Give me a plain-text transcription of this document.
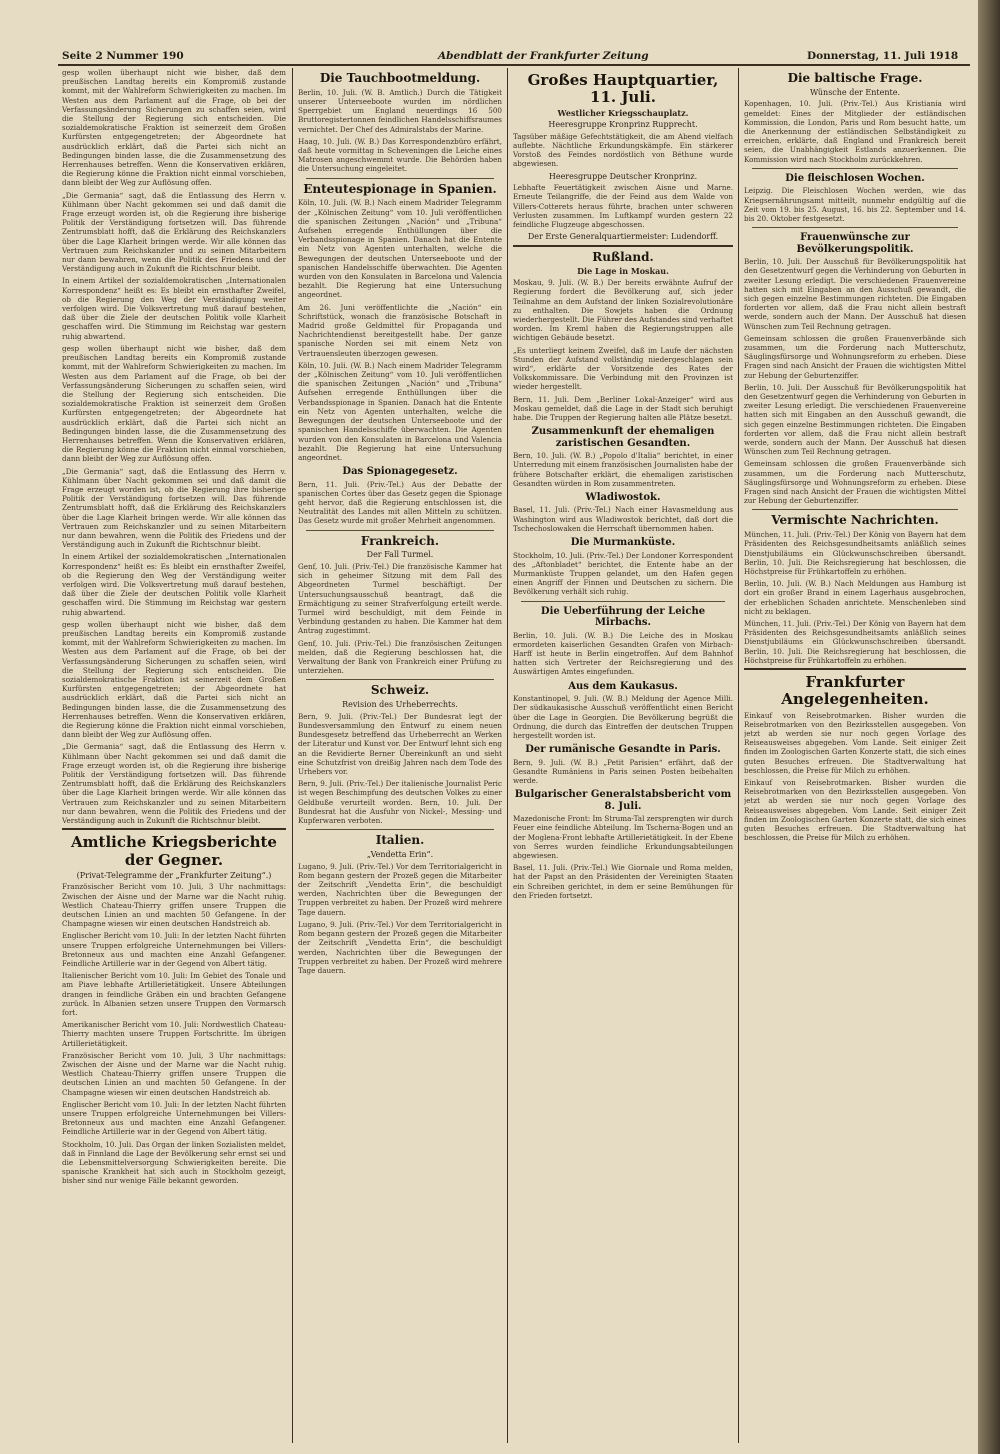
Seite 2 Nummer 190	Abendblatt der Frankfurter Zeitung	Donnerstag, 11. Juli 1918

gesp wollen überhaupt nicht wie bisher, daß dem preußischen Landtag bereits ein Kompromiß zustande kommt, mit der Wahlreform Schwierigkeiten zu machen. Im Westen aus dem Parlament auf die Frage, ob bei der Verfassungsänderung Sicherungen zu schaffen seien, wird die Stellung der Regierung sich entscheiden. Die sozialdemokratische Fraktion ist seinerzeit dem Großen Kurfürsten entgegengetreten; der Abgeordnete hat ausdrücklich erklärt, daß die Partei sich nicht an Bedingungen binden lasse, die die Zusammensetzung des Herrenhauses betreffen. Wenn die Konservativen erklären, die Regierung könne die Fraktion nicht einmal vorschieben, dann bleibt der Weg zur Auflösung offen.

„Die Germania“ sagt, daß die Entlassung des Herrn v. Kühlmann über Nacht gekommen sei und daß damit die Frage erzeugt worden ist, ob die Regierung ihre bisherige Politik der Verständigung fortsetzen will. Das führende Zentrumsblatt hofft, daß die Erklärung des Reichskanzlers über die Lage Klarheit bringen werde. Wir alle können das Vertrauen zum Reichskanzler und zu seinen Mitarbeitern nur dann bewahren, wenn die Politik des Friedens und der Verständigung auch in Zukunft die Richtschnur bleibt.

In einem Artikel der sozialdemokratischen „Internationalen Korrespondenz“ heißt es: Es bleibt ein ernsthafter Zweifel, ob die Regierung den Weg der Verständigung weiter verfolgen wird. Die Volksvertretung muß darauf bestehen, daß über die Ziele der deutschen Politik volle Klarheit geschaffen wird. Die Stimmung im Reichstag war gestern ruhig abwartend.

gesp wollen überhaupt nicht wie bisher, daß dem preußischen Landtag bereits ein Kompromiß zustande kommt, mit der Wahlreform Schwierigkeiten zu machen. Im Westen aus dem Parlament auf die Frage, ob bei der Verfassungsänderung Sicherungen zu schaffen seien, wird die Stellung der Regierung sich entscheiden. Die sozialdemokratische Fraktion ist seinerzeit dem Großen Kurfürsten entgegengetreten; der Abgeordnete hat ausdrücklich erklärt, daß die Partei sich nicht an Bedingungen binden lasse, die die Zusammensetzung des Herrenhauses betreffen. Wenn die Konservativen erklären, die Regierung könne die Fraktion nicht einmal vorschieben, dann bleibt der Weg zur Auflösung offen.

„Die Germania“ sagt, daß die Entlassung des Herrn v. Kühlmann über Nacht gekommen sei und daß damit die Frage erzeugt worden ist, ob die Regierung ihre bisherige Politik der Verständigung fortsetzen will. Das führende Zentrumsblatt hofft, daß die Erklärung des Reichskanzlers über die Lage Klarheit bringen werde. Wir alle können das Vertrauen zum Reichskanzler und zu seinen Mitarbeitern nur dann bewahren, wenn die Politik des Friedens und der Verständigung auch in Zukunft die Richtschnur bleibt.

In einem Artikel der sozialdemokratischen „Internationalen Korrespondenz“ heißt es: Es bleibt ein ernsthafter Zweifel, ob die Regierung den Weg der Verständigung weiter verfolgen wird. Die Volksvertretung muß darauf bestehen, daß über die Ziele der deutschen Politik volle Klarheit geschaffen wird. Die Stimmung im Reichstag war gestern ruhig abwartend.

gesp wollen überhaupt nicht wie bisher, daß dem preußischen Landtag bereits ein Kompromiß zustande kommt, mit der Wahlreform Schwierigkeiten zu machen. Im Westen aus dem Parlament auf die Frage, ob bei der Verfassungsänderung Sicherungen zu schaffen seien, wird die Stellung der Regierung sich entscheiden. Die sozialdemokratische Fraktion ist seinerzeit dem Großen Kurfürsten entgegengetreten; der Abgeordnete hat ausdrücklich erklärt, daß die Partei sich nicht an Bedingungen binden lasse, die die Zusammensetzung des Herrenhauses betreffen. Wenn die Konservativen erklären, die Regierung könne die Fraktion nicht einmal vorschieben, dann bleibt der Weg zur Auflösung offen.

„Die Germania“ sagt, daß die Entlassung des Herrn v. Kühlmann über Nacht gekommen sei und daß damit die Frage erzeugt worden ist, ob die Regierung ihre bisherige Politik der Verständigung fortsetzen will. Das führende Zentrumsblatt hofft, daß die Erklärung des Reichskanzlers über die Lage Klarheit bringen werde. Wir alle können das Vertrauen zum Reichskanzler und zu seinen Mitarbeitern nur dann bewahren, wenn die Politik des Friedens und der Verständigung auch in Zukunft die Richtschnur bleibt.

Amtliche Kriegsberichte der Gegner.
(Privat-Telegramme der „Frankfurter Zeitung“.)

Französischer Bericht vom 10. Juli, 3 Uhr nachmittags: Zwischen der Aisne und der Marne war die Nacht ruhig. Westlich Chateau-Thierry griffen unsere Truppen die deutschen Linien an und machten 50 Gefangene. In der Champagne wiesen wir einen deutschen Handstreich ab.

Englischer Bericht vom 10. Juli: In der letzten Nacht führten unsere Truppen erfolgreiche Unternehmungen bei Villers-Bretonneux aus und machten eine Anzahl Gefangener. Feindliche Artillerie war in der Gegend von Albert tätig.

Italienischer Bericht vom 10. Juli: Im Gebiet des Tonale und am Piave lebhafte Artillerietätigkeit. Unsere Abteilungen drangen in feindliche Gräben ein und brachten Gefangene zurück. In Albanien setzen unsere Truppen den Vormarsch fort.

Amerikanischer Bericht vom 10. Juli: Nordwestlich Chateau-Thierry machten unsere Truppen Fortschritte. Im übrigen Artillerietätigkeit.

Französischer Bericht vom 10. Juli, 3 Uhr nachmittags: Zwischen der Aisne und der Marne war die Nacht ruhig. Westlich Chateau-Thierry griffen unsere Truppen die deutschen Linien an und machten 50 Gefangene. In der Champagne wiesen wir einen deutschen Handstreich ab.

Englischer Bericht vom 10. Juli: In der letzten Nacht führten unsere Truppen erfolgreiche Unternehmungen bei Villers-Bretonneux aus und machten eine Anzahl Gefangener. Feindliche Artillerie war in der Gegend von Albert tätig.

Stockholm, 10. Juli. Das Organ der linken Sozialisten meldet, daß in Finnland die Lage der Bevölkerung sehr ernst sei und die Lebensmittelversorgung Schwierigkeiten bereite. Die spanische Krankheit hat sich auch in Stockholm gezeigt, bisher sind nur wenige Fälle bekannt geworden.

Die Tauchbootmeldung.

Berlin, 10. Juli. (W. B. Amtlich.) Durch die Tätigkeit unserer Unterseeboote wurden im nördlichen Sperrgebiet um England neuerdings 16 500 Bruttoregistertonnen feindlichen Handelsschiffsraumes vernichtet. Der Chef des Admiralstabs der Marine.

Haag, 10. Juli. (W. B.) Das Korrespondenzbüro erfährt, daß heute vormittag in Scheveningen die Leiche eines Matrosen angeschwemmt wurde. Die Behörden haben die Untersuchung eingeleitet.

Enteutespionage in Spanien.

Köln, 10. Juli. (W. B.) Nach einem Madrider Telegramm der „Kölnischen Zeitung“ vom 10. Juli veröffentlichen die spanischen Zeitungen „Nación“ und „Tribuna“ Aufsehen erregende Enthüllungen über die Verbandsspionage in Spanien. Danach hat die Entente ein Netz von Agenten unterhalten, welche die Bewegungen der deutschen Unterseeboote und der spanischen Handelsschiffe überwachten. Die Agenten wurden von den Konsulaten in Barcelona und Valencia bezahlt. Die Regierung hat eine Untersuchung angeordnet.

Am 26. Juni veröffentlichte die „Nación“ ein Schriftstück, wonach die französische Botschaft in Madrid große Geldmittel für Propaganda und Nachrichtendienst bereitgestellt habe. Der ganze spanische Norden sei mit einem Netz von Vertrauensleuten überzogen gewesen.

Köln, 10. Juli. (W. B.) Nach einem Madrider Telegramm der „Kölnischen Zeitung“ vom 10. Juli veröffentlichen die spanischen Zeitungen „Nación“ und „Tribuna“ Aufsehen erregende Enthüllungen über die Verbandsspionage in Spanien. Danach hat die Entente ein Netz von Agenten unterhalten, welche die Bewegungen der deutschen Unterseeboote und der spanischen Handelsschiffe überwachten. Die Agenten wurden von den Konsulaten in Barcelona und Valencia bezahlt. Die Regierung hat eine Untersuchung angeordnet.

Das Spionagegesetz.

Bern, 11. Juli. (Priv.-Tel.) Aus der Debatte der spanischen Cortes über das Gesetz gegen die Spionage geht hervor, daß die Regierung entschlossen ist, die Neutralität des Landes mit allen Mitteln zu schützen. Das Gesetz wurde mit großer Mehrheit angenommen.

Frankreich.
Der Fall Turmel.

Genf, 10. Juli. (Priv.-Tel.) Die französische Kammer hat sich in geheimer Sitzung mit dem Fall des Abgeordneten Turmel beschäftigt. Der Untersuchungsausschuß beantragt, daß die Ermächtigung zu seiner Strafverfolgung erteilt werde. Turmel wird beschuldigt, mit dem Feinde in Verbindung gestanden zu haben. Die Kammer hat dem Antrag zugestimmt.

Genf, 10. Juli. (Priv.-Tel.) Die französischen Zeitungen melden, daß die Regierung beschlossen hat, die Verwaltung der Bank von Frankreich einer Prüfung zu unterziehen.

Schweiz.
Revision des Urheberrechts.

Bern, 9. Juli. (Priv.-Tel.) Der Bundesrat legt der Bundesversammlung den Entwurf zu einem neuen Bundesgesetz betreffend das Urheberrecht an Werken der Literatur und Kunst vor. Der Entwurf lehnt sich eng an die Revidierte Berner Übereinkunft an und sieht eine Schutzfrist von dreißig Jahren nach dem Tode des Urhebers vor.

Bern, 9. Juli. (Priv.-Tel.) Der italienische Journalist Peric ist wegen Beschimpfung des deutschen Volkes zu einer Geldbuße verurteilt worden. Bern, 10. Juli. Der Bundesrat hat die Ausfuhr von Nickel-, Messing- und Kupferwaren verboten.

Italien.
„Vendetta Erin“.

Lugano, 9. Juli. (Priv.-Tel.) Vor dem Territorialgericht in Rom begann gestern der Prozeß gegen die Mitarbeiter der Zeitschrift „Vendetta Erin“, die beschuldigt werden, Nachrichten über die Bewegungen der Truppen verbreitet zu haben. Der Prozeß wird mehrere Tage dauern.

Lugano, 9. Juli. (Priv.-Tel.) Vor dem Territorialgericht in Rom begann gestern der Prozeß gegen die Mitarbeiter der Zeitschrift „Vendetta Erin“, die beschuldigt werden, Nachrichten über die Bewegungen der Truppen verbreitet zu haben. Der Prozeß wird mehrere Tage dauern.

Großes Hauptquartier, 11. Juli.
Westlicher Kriegsschauplatz.
Heeresgruppe Kronprinz Rupprecht.

Tagsüber mäßige Gefechtstätigkeit, die am Abend vielfach auflebte. Nächtliche Erkundungskämpfe. Ein stärkerer Vorstoß des Feindes nordöstlich von Béthune wurde abgewiesen.

Heeresgruppe Deutscher Kronprinz.

Lebhafte Feuertätigkeit zwischen Aisne und Marne. Erneute Teilangriffe, die der Feind aus dem Walde von Villers-Cotterets heraus führte, brachen unter schweren Verlusten zusammen. Im Luftkampf wurden gestern 22 feindliche Flugzeuge abgeschossen.

Der Erste Generalquartiermeister: Ludendorff.
Rußland.
Die Lage in Moskau.

Moskau, 9. Juli. (W. B.) Der bereits erwähnte Aufruf der Regierung fordert die Bevölkerung auf, sich jeder Teilnahme an dem Aufstand der linken Sozialrevolutionäre zu enthalten. Die Sowjets haben die Ordnung wiederhergestellt. Die Führer des Aufstandes sind verhaftet worden. Im Kreml haben die Regierungstruppen alle wichtigen Gebäude besetzt.

„Es unterliegt keinem Zweifel, daß im Laufe der nächsten Stunden der Aufstand vollständig niedergeschlagen sein wird“, erklärte der Vorsitzende des Rates der Volkskommissare. Die Verbindung mit den Provinzen ist wieder hergestellt.

Bern, 11. Juli. Dem „Berliner Lokal-Anzeiger“ wird aus Moskau gemeldet, daß die Lage in der Stadt sich beruhigt habe. Die Truppen der Regierung halten alle Plätze besetzt.

Zusammenkunft der ehemaligen zaristischen Gesandten.

Bern, 10. Juli. (W. B.) „Popolo d'Italia“ berichtet, in einer Unterredung mit einem französischen Journalisten habe der frühere Botschafter erklärt, die ehemaligen zaristischen Gesandten würden in Rom zusammentreten.

Wladiwostok.

Basel, 11. Juli. (Priv.-Tel.) Nach einer Havasmeldung aus Washington wird aus Wladiwostok berichtet, daß dort die Tschechoslowaken die Herrschaft übernommen haben.

Die Murmanküste.

Stockholm, 10. Juli. (Priv.-Tel.) Der Londoner Korrespondent des „Aftonbladet“ berichtet, die Entente habe an der Murmanküste Truppen gelandet, um den Hafen gegen einen Angriff der Finnen und Deutschen zu sichern. Die Bevölkerung verhält sich ruhig.

Die Ueberführung der Leiche Mirbachs.

Berlin, 10. Juli. (W. B.) Die Leiche des in Moskau ermordeten kaiserlichen Gesandten Grafen von Mirbach-Harff ist heute in Berlin eingetroffen. Auf dem Bahnhof hatten sich Vertreter der Reichsregierung und des Auswärtigen Amtes eingefunden.

Aus dem Kaukasus.

Konstantinopel, 9. Juli. (W. B.) Meldung der Agence Milli. Der südkaukasische Ausschuß veröffentlicht einen Bericht über die Lage in Georgien. Die Bevölkerung begrüßt die Ordnung, die durch das Eintreffen der deutschen Truppen hergestellt worden ist.

Der rumänische Gesandte in Paris.

Bern, 9. Juli. (W. B.) „Petit Parisien“ erfährt, daß der Gesandte Rumäniens in Paris seinen Posten beibehalten werde.

Bulgarischer Generalstabsbericht vom 8. Juli.

Mazedonische Front: Im Struma-Tal zersprengten wir durch Feuer eine feindliche Abteilung. Im Tscherna-Bogen und an der Moglena-Front lebhafte Artillerietätigkeit. In der Ebene von Serres wurden feindliche Erkundungsabteilungen abgewiesen.

Basel, 11. Juli. (Priv.-Tel.) Wie Giornale und Roma melden, hat der Papst an den Präsidenten der Vereinigten Staaten ein Schreiben gerichtet, in dem er seine Bemühungen für den Frieden fortsetzt.

Die baltische Frage.
Wünsche der Entente.

Kopenhagen, 10. Juli. (Priv.-Tel.) Aus Kristiania wird gemeldet: Eines der Mitglieder der estländischen Kommission, die London, Paris und Rom besucht hatte, um die Anerkennung der estländischen Selbständigkeit zu erreichen, erklärte, daß England und Frankreich bereit seien, die Unabhängigkeit Estlands anzuerkennen. Die Kommission wird nach Stockholm zurückkehren.

Die fleischlosen Wochen.

Leipzig. Die Fleischlosen Wochen werden, wie das Kriegsernährungsamt mitteilt, nunmehr endgültig auf die Zeit vom 19. bis 25. August, 16. bis 22. September und 14. bis 20. Oktober festgesetzt.

Frauenwünsche zur Bevölkerungspolitik.

Berlin, 10. Juli. Der Ausschuß für Bevölkerungspolitik hat den Gesetzentwurf gegen die Verhinderung von Geburten in zweiter Lesung erledigt. Die verschiedenen Frauenvereine hatten sich mit Eingaben an den Ausschuß gewandt, die sich gegen einzelne Bestimmungen richteten. Die Eingaben forderten vor allem, daß die Frau nicht allein bestraft werde, sondern auch der Mann. Der Ausschuß hat diesen Wünschen zum Teil Rechnung getragen.

Gemeinsam schlossen die großen Frauenverbände sich zusammen, um die Forderung nach Mutterschutz, Säuglingsfürsorge und Wohnungsreform zu erheben. Diese Fragen sind nach Ansicht der Frauen die wichtigsten Mittel zur Hebung der Geburtenziffer.

Berlin, 10. Juli. Der Ausschuß für Bevölkerungspolitik hat den Gesetzentwurf gegen die Verhinderung von Geburten in zweiter Lesung erledigt. Die verschiedenen Frauenvereine hatten sich mit Eingaben an den Ausschuß gewandt, die sich gegen einzelne Bestimmungen richteten. Die Eingaben forderten vor allem, daß die Frau nicht allein bestraft werde, sondern auch der Mann. Der Ausschuß hat diesen Wünschen zum Teil Rechnung getragen.

Gemeinsam schlossen die großen Frauenverbände sich zusammen, um die Forderung nach Mutterschutz, Säuglingsfürsorge und Wohnungsreform zu erheben. Diese Fragen sind nach Ansicht der Frauen die wichtigsten Mittel zur Hebung der Geburtenziffer.

Vermischte Nachrichten.

München, 11. Juli. (Priv.-Tel.) Der König von Bayern hat dem Präsidenten des Reichsgesundheitsamts anläßlich seines Dienstjubiläums ein Glückwunschschreiben übersandt. Berlin, 10. Juli. Die Reichsregierung hat beschlossen, die Höchstpreise für Frühkartoffeln zu erhöhen.

Berlin, 10. Juli. (W. B.) Nach Meldungen aus Hamburg ist dort ein großer Brand in einem Lagerhaus ausgebrochen, der erheblichen Schaden anrichtete. Menschenleben sind nicht zu beklagen.

München, 11. Juli. (Priv.-Tel.) Der König von Bayern hat dem Präsidenten des Reichsgesundheitsamts anläßlich seines Dienstjubiläums ein Glückwunschschreiben übersandt. Berlin, 10. Juli. Die Reichsregierung hat beschlossen, die Höchstpreise für Frühkartoffeln zu erhöhen.

Frankfurter Angelegenheiten.

Einkauf von Reisebrotmarken. Bisher wurden die Reisebrotmarken von den Bezirksstellen ausgegeben. Von jetzt ab werden sie nur noch gegen Vorlage des Reiseausweises abgegeben. Vom Lande. Seit einiger Zeit finden im Zoologischen Garten Konzerte statt, die sich eines guten Besuches erfreuen. Die Stadtverwaltung hat beschlossen, die Preise für Milch zu erhöhen.

Einkauf von Reisebrotmarken. Bisher wurden die Reisebrotmarken von den Bezirksstellen ausgegeben. Von jetzt ab werden sie nur noch gegen Vorlage des Reiseausweises abgegeben. Vom Lande. Seit einiger Zeit finden im Zoologischen Garten Konzerte statt, die sich eines guten Besuches erfreuen. Die Stadtverwaltung hat beschlossen, die Preise für Milch zu erhöhen.
